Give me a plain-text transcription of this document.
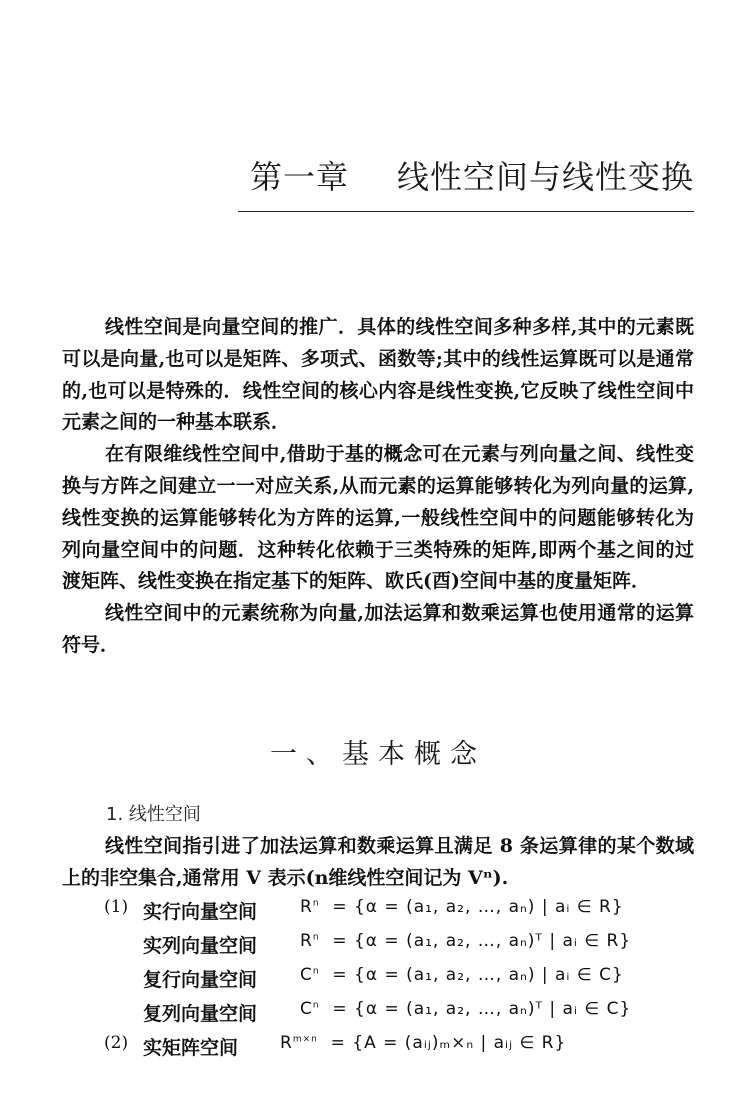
第一章 线性空间与线性变换

线性空间是向量空间的推广．具体的线性空间多种多样,其中的元素既可以是向量,也可以是矩阵、多项式、函数等;其中的线性运算既可以是通常的,也可以是特殊的．线性空间的核心内容是线性变换,它反映了线性空间中元素之间的一种基本联系．

在有限维线性空间中,借助于基的概念可在元素与列向量之间、线性变换与方阵之间建立一一对应关系,从而元素的运算能够转化为列向量的运算,线性变换的运算能够转化为方阵的运算,一般线性空间中的问题能够转化为列向量空间中的问题．这种转化依赖于三类特殊的矩阵,即两个基之间的过渡矩阵、线性变换在指定基下的矩阵、欧氏(酉)空间中基的度量矩阵．

线性空间中的元素统称为向量,加法运算和数乘运算也使用通常的运算符号．

一、基本概念
1. 线性空间

线性空间指引进了加法运算和数乘运算且满足 8 条运算律的某个数域上的非空集合,通常用 V 表示(n维线性空间记为 Vⁿ).

(1) 实行向量空间	$R^n = \{\alpha = (a_1$, a₂, …, aₙ) | aᵢ ∈ R}
实列向量空间	$R^n = \{\alpha = (a_1$, a₂, …, aₙ)ᵀ | aᵢ ∈ R}
复行向量空间	$C^n = \{\alpha = (a_1$, a₂, …, aₙ) | aᵢ ∈ C}
复列向量空间	$C^n = \{\alpha = (a_1$, a₂, …, aₙ)ᵀ | aᵢ ∈ C}
(2) 实矩阵空间 $R^{m\times n} = \{A$ = (aᵢⱼ)ₘ×ₙ | aᵢⱼ ∈ R}
